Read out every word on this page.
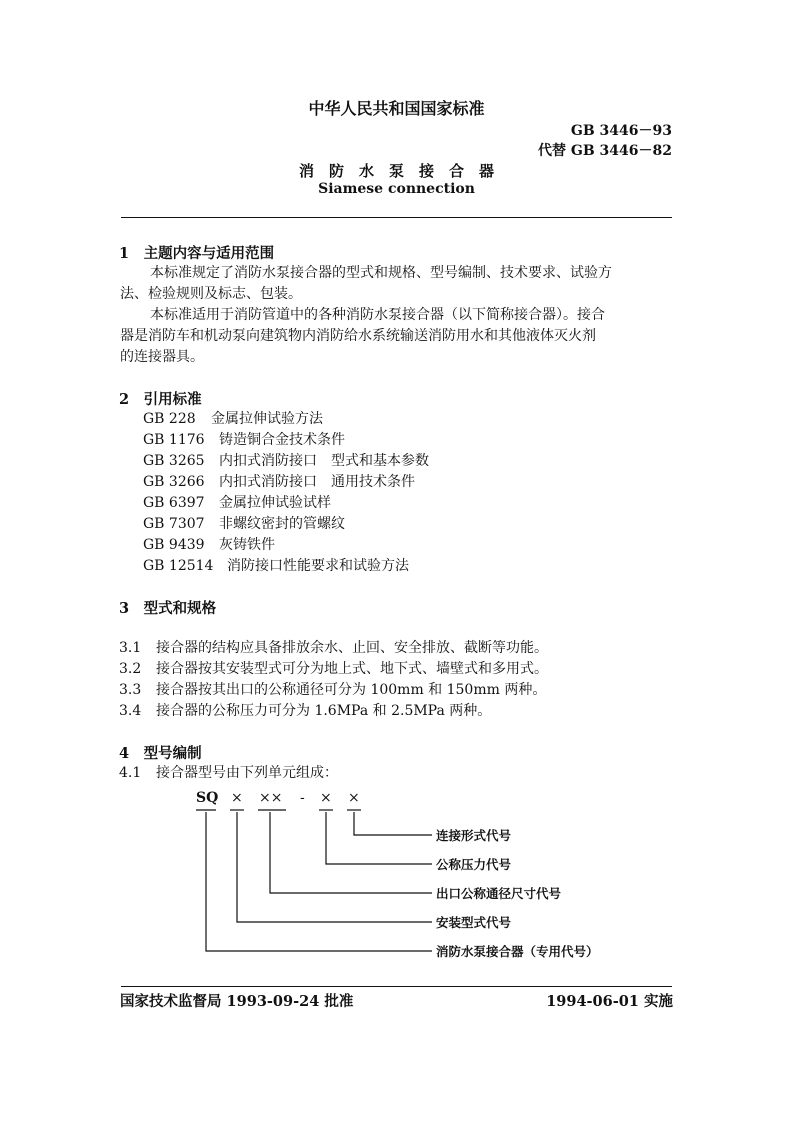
中华人民共和国国家标准
GB 3446－93
代替 GB 3446－82
消　防　水　泵　接　合　器
Siamese connection
1　主题内容与适用范围
本标准规定了消防水泵接合器的型式和规格、型号编制、技术要求、试验方
法、检验规则及标志、包装。
本标准适用于消防管道中的各种消防水泵接合器（以下简称接合器）。接合
器是消防车和机动泵向建筑物内消防给水系统输送消防用水和其他液体灭火剂
的连接器具。
2　引用标准
GB 228 金属拉伸试验方法
GB 1176 铸造铜合金技术条件
GB 3265 内扣式消防接口　型式和基本参数
GB 3266 内扣式消防接口　通用技术条件
GB 6397 金属拉伸试验试样
GB 7307 非螺纹密封的管螺纹
GB 9439 灰铸铁件
GB 12514 消防接口性能要求和试验方法
3　型式和规格
3.1 接合器的结构应具备排放余水、止回、安全排放、截断等功能。
3.2 接合器按其安装型式可分为地上式、地下式、墙壁式和多用式。
3.3 接合器按其出口的公称通径可分为 100mm 和 150mm 两种。
3.4 接合器的公称压力可分为 1.6MPa 和 2.5MPa 两种。
4　型号编制
4.1 接合器型号由下列单元组成：
SQ × ×× - × ×
连接形式代号
公称压力代号
出口公称通径尺寸代号
安装型式代号
消防水泵接合器（专用代号）
国家技术监督局 1993-09-24 批准	1994-06-01 实施
